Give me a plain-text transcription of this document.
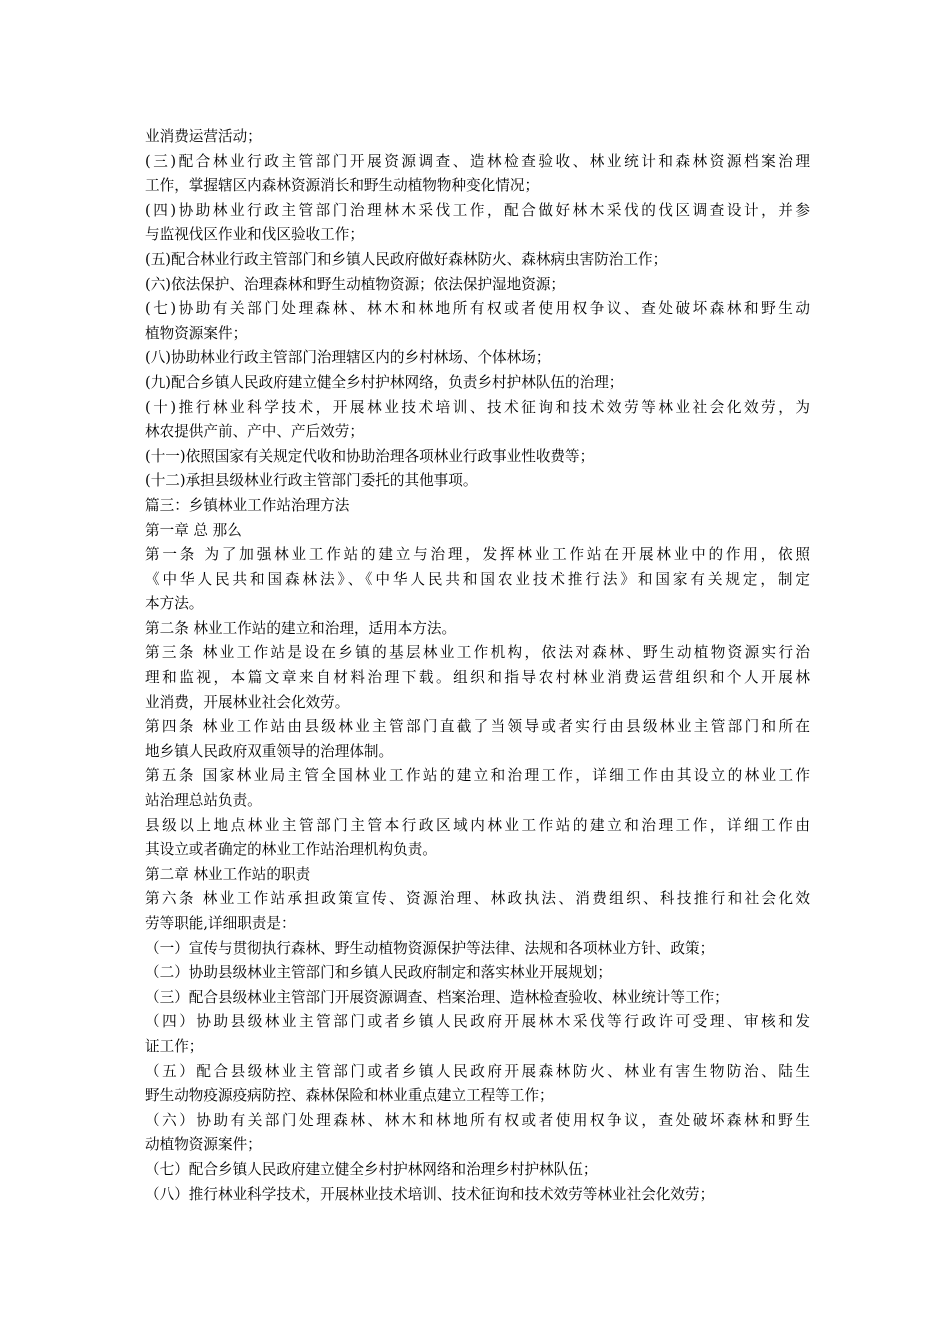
业消费运营活动；
(三)配合林业行政主管部门开展资源调查、造林检查验收、林业统计和森林资源档案治理
工作，掌握辖区内森林资源消长和野生动植物物种变化情况；
(四)协助林业行政主管部门治理林木采伐工作，配合做好林木采伐的伐区调查设计，并参
与监视伐区作业和伐区验收工作；
(五)配合林业行政主管部门和乡镇人民政府做好森林防火、森林病虫害防治工作；
(六)依法保护、治理森林和野生动植物资源；依法保护湿地资源；
(七)协助有关部门处理森林、林木和林地所有权或者使用权争议、查处破坏森林和野生动
植物资源案件；
(八)协助林业行政主管部门治理辖区内的乡村林场、个体林场；
(九)配合乡镇人民政府建立健全乡村护林网络，负责乡村护林队伍的治理；
(十)推行林业科学技术，开展林业技术培训、技术征询和技术效劳等林业社会化效劳，为
林农提供产前、产中、产后效劳；
(十一)依照国家有关规定代收和协助治理各项林业行政事业性收费等；
(十二)承担县级林业行政主管部门委托的其他事项。
篇三：乡镇林业工作站治理方法
第一章 总 那么
第一条 为了加强林业工作站的建立与治理，发挥林业工作站在开展林业中的作用，依照
《中华人民共和国森林法》、《中华人民共和国农业技术推行法》和国家有关规定，制定
本方法。
第二条 林业工作站的建立和治理，适用本方法。
第三条 林业工作站是设在乡镇的基层林业工作机构，依法对森林、野生动植物资源实行治
理和监视，本篇文章来自材料治理下载。组织和指导农村林业消费运营组织和个人开展林
业消费，开展林业社会化效劳。
第四条 林业工作站由县级林业主管部门直截了当领导或者实行由县级林业主管部门和所在
地乡镇人民政府双重领导的治理体制。
第五条 国家林业局主管全国林业工作站的建立和治理工作，详细工作由其设立的林业工作
站治理总站负责。
县级以上地点林业主管部门主管本行政区域内林业工作站的建立和治理工作，详细工作由
其设立或者确定的林业工作站治理机构负责。
第二章 林业工作站的职责
第六条 林业工作站承担政策宣传、资源治理、林政执法、消费组织、科技推行和社会化效
劳等职能,详细职责是：
（一）宣传与贯彻执行森林、野生动植物资源保护等法律、法规和各项林业方针、政策；
（二）协助县级林业主管部门和乡镇人民政府制定和落实林业开展规划；
（三）配合县级林业主管部门开展资源调查、档案治理、造林检查验收、林业统计等工作；
（四）协助县级林业主管部门或者乡镇人民政府开展林木采伐等行政许可受理、审核和发
证工作；
（五）配合县级林业主管部门或者乡镇人民政府开展森林防火、林业有害生物防治、陆生
野生动物疫源疫病防控、森林保险和林业重点建立工程等工作；
（六）协助有关部门处理森林、林木和林地所有权或者使用权争议，查处破坏森林和野生
动植物资源案件；
（七）配合乡镇人民政府建立健全乡村护林网络和治理乡村护林队伍；
（八）推行林业科学技术，开展林业技术培训、技术征询和技术效劳等林业社会化效劳；
